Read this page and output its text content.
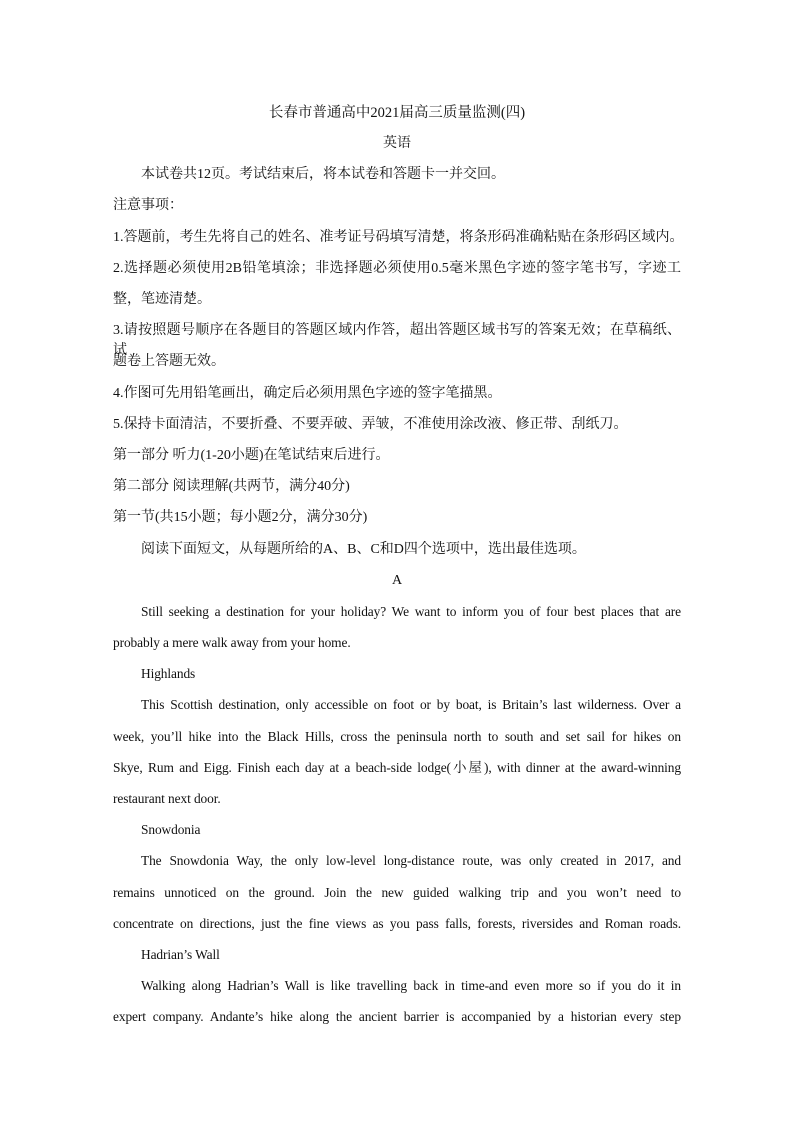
长春市普通高中2021届高三质量监测(四)
英语
本试卷共12页。考试结束后，将本试卷和答题卡一并交回。
注意事项：
1.答题前，考生先将自己的姓名、准考证号码填写清楚，将条形码准确粘贴在条形码区域内。
2.选择题必须使用2B铅笔填涂；非选择题必须使用0.5毫米黑色字迹的签字笔书写，字迹工
整，笔迹清楚。
3.请按照题号顺序在各题目的答题区域内作答，超出答题区域书写的答案无效；在草稿纸、试
题卷上答题无效。
4.作图可先用铅笔画出，确定后必须用黑色字迹的签字笔描黑。
5.保持卡面清洁，不要折叠、不要弄破、弄皱，不准使用涂改液、修正带、刮纸刀。
第一部分 听力(1-20小题)在笔试结束后进行。
第二部分 阅读理解(共两节，满分40分)
第一节(共15小题；每小题2分，满分30分)
阅读下面短文，从每题所给的A、B、C和D四个选项中，选出最佳选项。
A
Still seeking a destination for your holiday? We want to inform you of four best places that are
probably a mere walk away from your home.
Highlands
This Scottish destination, only accessible on foot or by boat, is Britain’s last wilderness. Over a
week, you’ll hike into the Black Hills, cross the peninsula north to south and set sail for hikes on
Skye, Rum and Eigg. Finish each day at a beach-side lodge(小屋), with dinner at the award-winning
restaurant next door.
Snowdonia
The Snowdonia Way, the only low-level long-distance route, was only created in 2017, and
remains unnoticed on the ground. Join the new guided walking trip and you won’t need to
concentrate on directions, just the fine views as you pass falls, forests, riversides and Roman roads.
Hadrian’s Wall
Walking along Hadrian’s Wall is like travelling back in time-and even more so if you do it in
expert company. Andante’s hike along the ancient barrier is accompanied by a historian every step
